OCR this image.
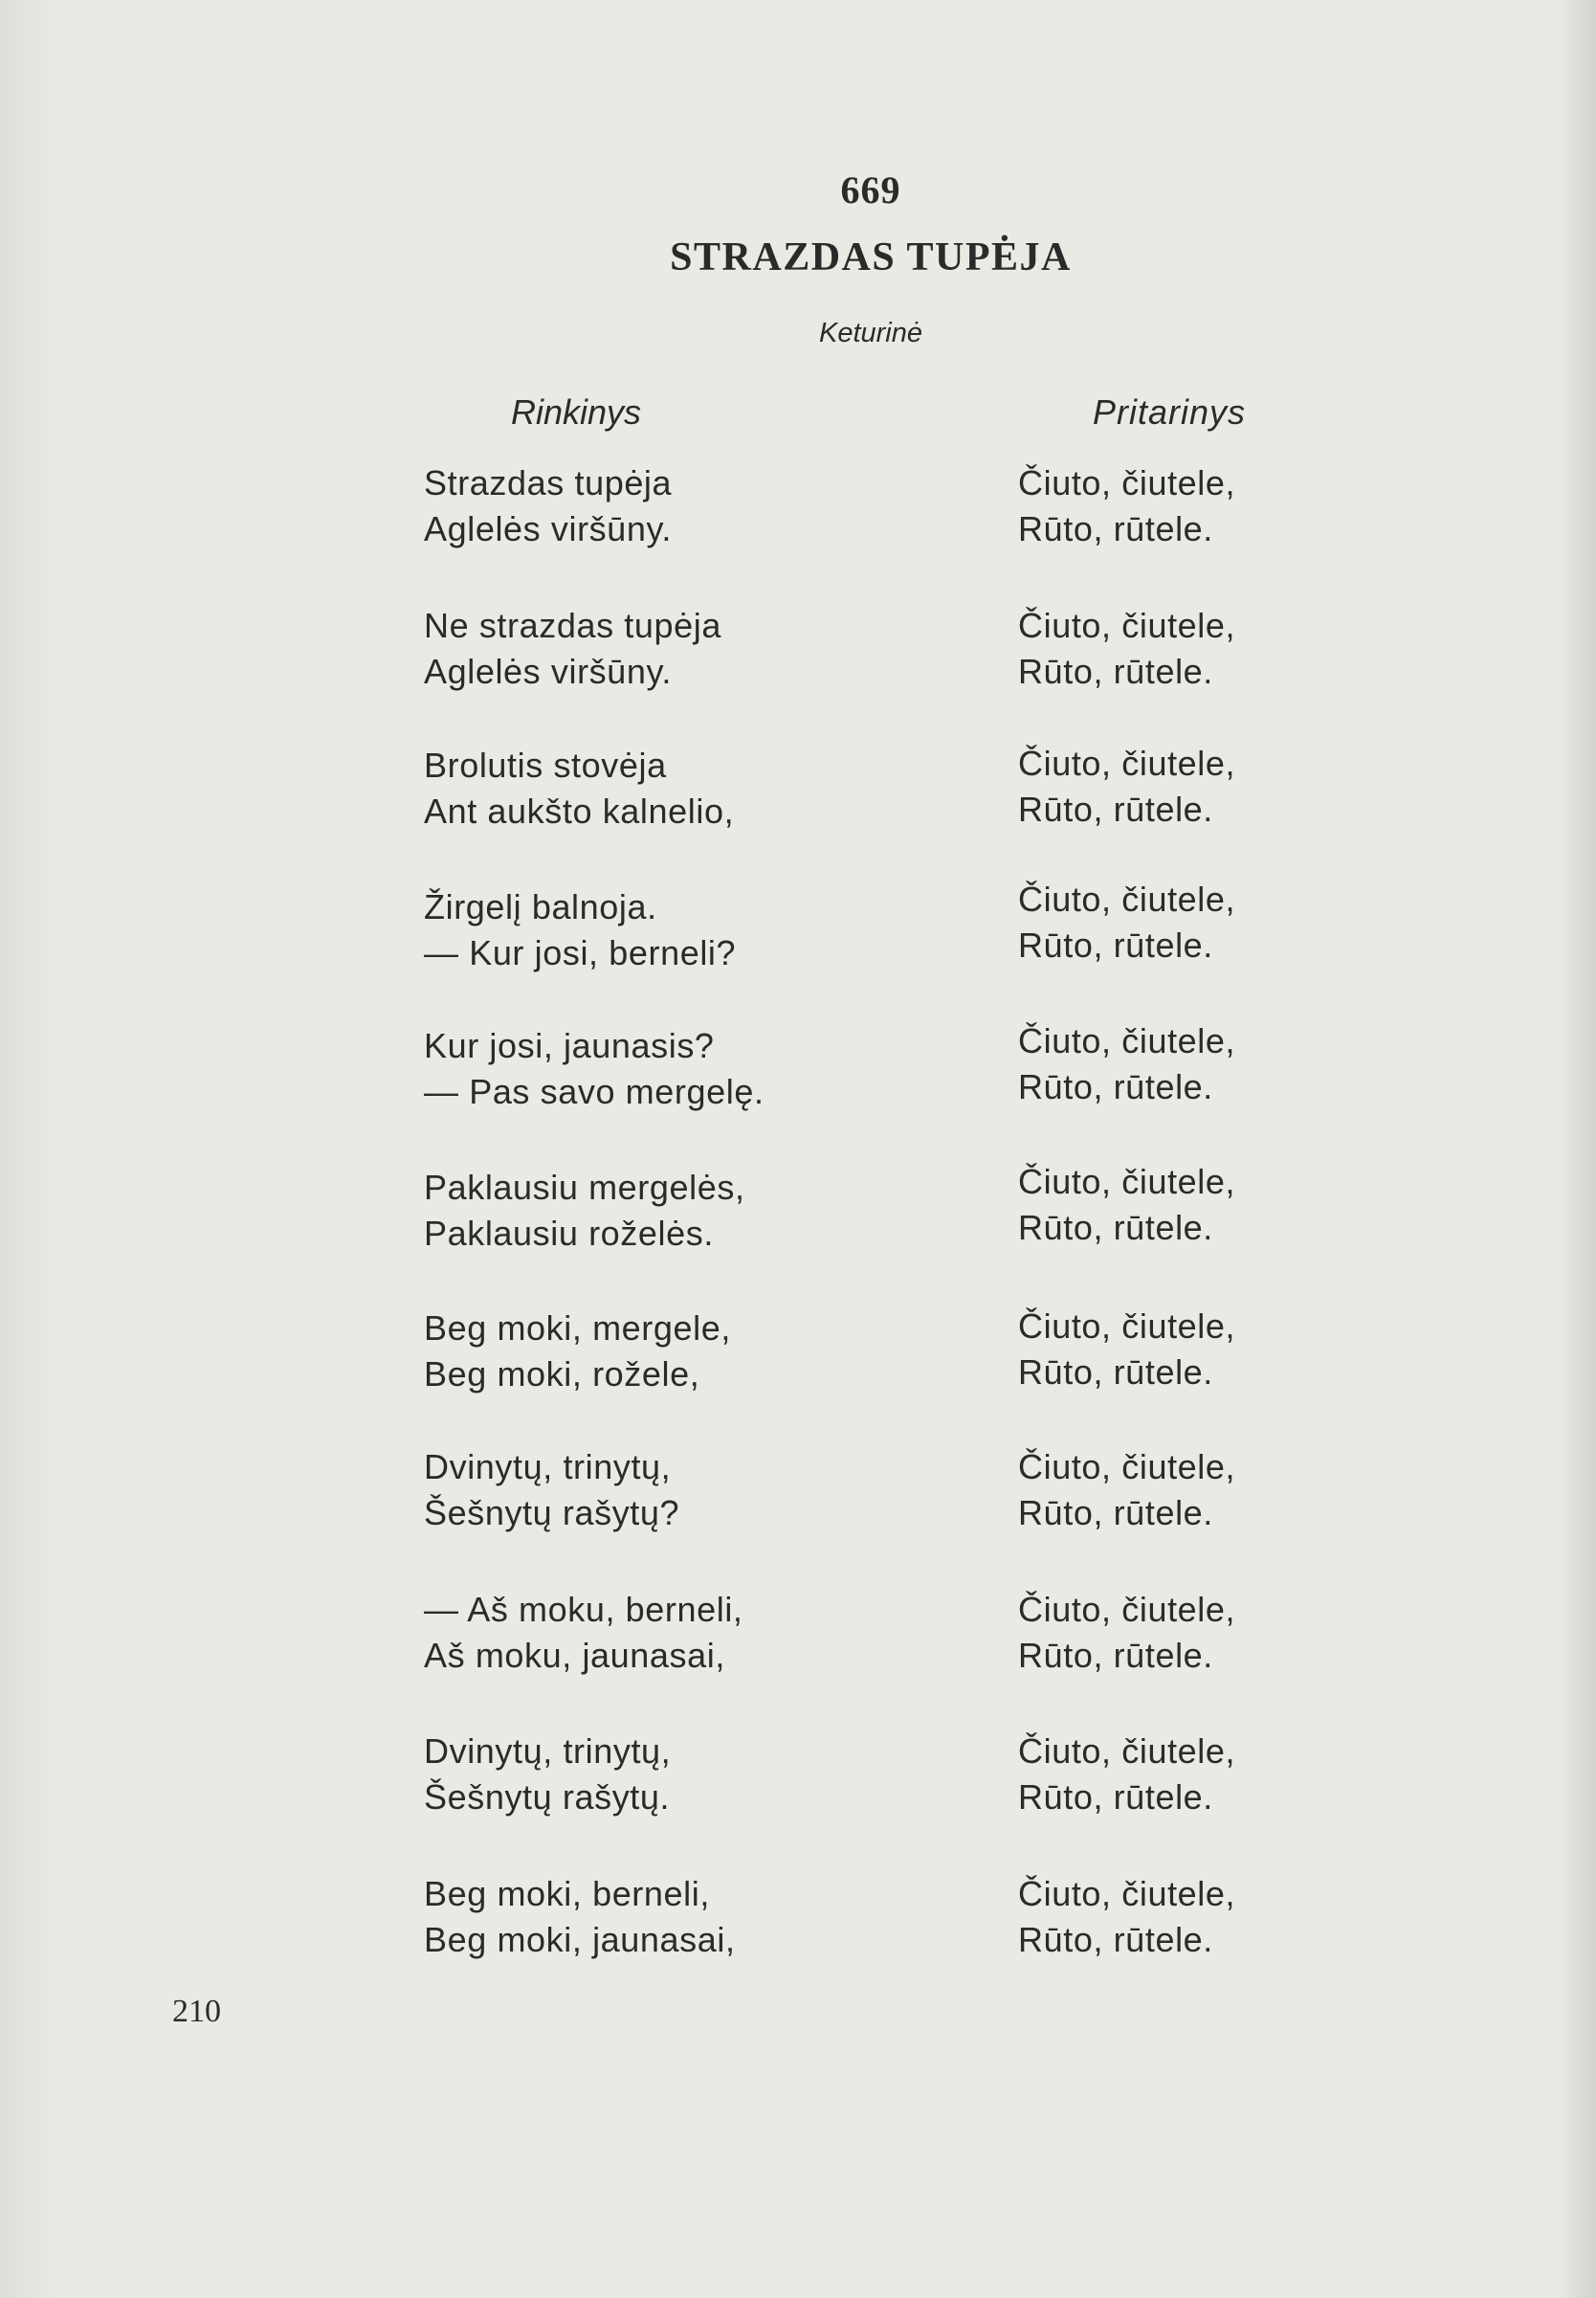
669
STRAZDAS TUPĖJA
Keturinė
Rinkinys	Pritarinys
Strazdas tupėja
Aglelės viršūny.
Čiuto, čiutele,
Rūto, rūtele.
Ne strazdas tupėja
Aglelės viršūny.
Čiuto, čiutele,
Rūto, rūtele.
Brolutis stovėja
Ant aukšto kalnelio,
Čiuto, čiutele,
Rūto, rūtele.
Žirgelį balnoja.
— Kur josi, berneli?
Čiuto, čiutele,
Rūto, rūtele.
Kur josi, jaunasis?
— Pas savo mergelę.
Čiuto, čiutele,
Rūto, rūtele.
Paklausiu mergelės,
Paklausiu roželės.
Čiuto, čiutele,
Rūto, rūtele.
Beg moki, mergele,
Beg moki, rožele,
Čiuto, čiutele,
Rūto, rūtele.
Dvinytų, trinytų,
Šešnytų rašytų?
Čiuto, čiutele,
Rūto, rūtele.
— Aš moku, berneli,
Aš moku, jaunasai,
Čiuto, čiutele,
Rūto, rūtele.
Dvinytų, trinytų,
Šešnytų rašytų.
Čiuto, čiutele,
Rūto, rūtele.
Beg moki, berneli,
Beg moki, jaunasai,
Čiuto, čiutele,
Rūto, rūtele.
210
